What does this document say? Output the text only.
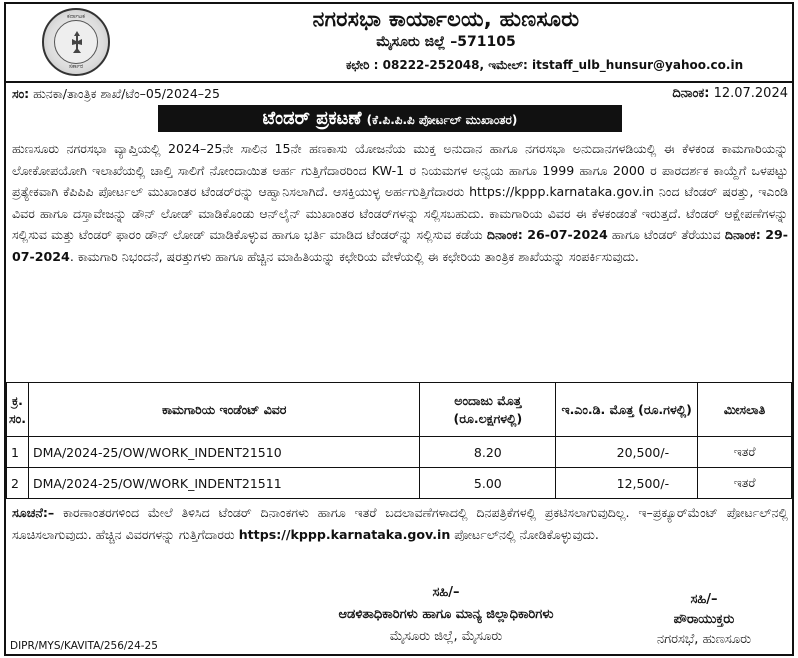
ಕರ್ನಾಟಕ
ಸರ್ಕಾರ
ನಗರಸಭಾ ಕಾರ್ಯಾಲಯ, ಹುಣಸೂರು
ಮೈಸೂರು ಜಿಲ್ಲೆ –571105
ಕಛೇರಿ : 08222-252048, ಇಮೇಲ್: itstaff_ulb_hunsur@yahoo.co.in
ಸಂ: ಹುನಕಾ/ತಾಂತ್ರಿಕ ಶಾಖೆ/ಟೆಂ–05/2024–25	ದಿನಾಂಕ: 12.07.2024
ಟೆಂಡರ್ ಪ್ರಕಟಣೆ (ಕೆ.ಪಿ.ಪಿ.ಪಿ ಪೋರ್ಟಲ್ ಮುಖಾಂತರ)
ಹುಣಸೂರು ನಗರಸಭಾ ವ್ಯಾಪ್ತಿಯಲ್ಲಿ 2024–25ನೇ ಸಾಲಿನ 15ನೇ ಹಣಕಾಸು ಯೋಜನೆಯ ಮುಕ್ತ ಅನುದಾನ ಹಾಗೂ ನಗರಸಭಾ ಅನುದಾನಗಳಡಿಯಲ್ಲಿ ಈ ಕೆಳಕಂಡ ಕಾಮಗಾರಿಯನ್ನು ಲೋಕೋಪಯೋಗಿ ಇಲಾಖೆಯಲ್ಲಿ ಚಾಲ್ತಿ ಸಾಲಿಗೆ ನೋಂದಾಯಿತ ಅರ್ಹ ಗುತ್ತಿಗೆದಾರರಿಂದ KW-1 ರ ನಿಯಮಗಳ ಅನ್ವಯ ಹಾಗೂ 1999 ಹಾಗೂ 2000 ರ ಪಾರದರ್ಶಕ ಕಾಯ್ದೆಗೆ ಒಳಪಟ್ಟು ಪ್ರತ್ಯೇಕವಾಗಿ ಕೆಪಿಪಿಪಿ ಪೋರ್ಟಲ್ ಮುಖಾಂತರ ಟೆಂಡರ್‌ರನ್ನು ಆಹ್ವಾನಿಸಲಾಗಿದೆ. ಆಸಕ್ತಿಯುಳ್ಳ ಅರ್ಹಗುತ್ತಿಗೆದಾರರು https://kppp.karnataka.gov.in ನಿಂದ ಟೆಂಡರ್ ಷರತ್ತು, ಇಎಂಡಿ ವಿವರ ಹಾಗೂ ದಸ್ತಾವೇಜನ್ನು ಡೌನ್ ಲೋಡ್ ಮಾಡಿಕೊಂಡು ಆನ್‌ಲೈನ್ ಮುಖಾಂತರ ಟೆಂಡರ್‌ಗಳನ್ನು ಸಲ್ಲಿಸಬಹುದು. ಕಾಮಗಾರಿಯ ವಿವರ ಈ ಕೆಳಕಂಡಂತೆ ಇರುತ್ತದೆ. ಟೆಂಡರ್ ಆಕ್ಷೇಪಣೆಗಳನ್ನು ಸಲ್ಲಿಸುವ ಮತ್ತು ಟೆಂಡರ್ ಫಾರಂ ಡೌನ್ ಲೋಡ್ ಮಾಡಿಕೊಳ್ಳುವ ಹಾಗೂ ಭರ್ತಿ ಮಾಡಿದ ಟೆಂಡರ್‌ನ್ನು ಸಲ್ಲಿಸುವ ಕಡೆಯ ದಿನಾಂಕ: 26-07-2024 ಹಾಗೂ ಟೆಂಡರ್ ತೆರೆಯುವ ದಿನಾಂಕ: 29-07-2024. ಕಾಮಗಾರಿ ನಿಭಂದನೆ, ಷರತ್ತುಗಳು ಹಾಗೂ ಹೆಚ್ಚಿನ ಮಾಹಿತಿಯನ್ನು ಕಛೇರಿಯ ವೇಳೆಯಲ್ಲಿ ಈ ಕಛೇರಿಯ ತಾಂತ್ರಿಕ ಶಾಖೆಯನ್ನು ಸಂಪರ್ಕಿಸುವುದು.
ಕ್ರ. ಸಂ.	ಕಾಮಗಾರಿಯ ಇಂಡೆಂಟ್ ವಿವರ	ಅಂದಾಜು ಮೊತ್ತ (ರೂ.ಲಕ್ಷಗಳಲ್ಲಿ)	ಇ.ಎಂ.ಡಿ. ಮೊತ್ತ (ರೂ.ಗಳಲ್ಲಿ)	ಮೀಸಲಾತಿ
1	DMA/2024-25/OW/WORK_INDENT21510	8.20	20,500/-	ಇತರೆ
2	DMA/2024-25/OW/WORK_INDENT21511	5.00	12,500/-	ಇತರೆ
ಸೂಚನೆ:– ಕಾರಣಾಂತರಗಳಿಂದ ಮೇಲೆ ತಿಳಿಸಿದ ಟೆಂಡರ್ ದಿನಾಂಕಗಳು ಹಾಗೂ ಇತರೆ ಬದಲಾವಣೆಗಳಾದಲ್ಲಿ ದಿನಪತ್ರಿಕೆಗಳಲ್ಲಿ ಪ್ರಕಟಿಸಲಾಗುವುದಿಲ್ಲ. ಇ–ಪ್ರಕ್ಯೂರ್‌ಮೆಂಟ್ ಪೋರ್ಟಲ್‌ನಲ್ಲಿ ಸೂಚಿಸಲಾಗುವುದು. ಹೆಚ್ಚಿನ ವಿವರಗಳನ್ನು ಗುತ್ತಿಗೆದಾರರು https://kppp.karnataka.gov.in ಪೋರ್ಟಲ್‌ನಲ್ಲಿ ನೋಡಿಕೊಳ್ಳುವುದು.
ಸಹಿ/–
ಆಡಳಿತಾಧಿಕಾರಿಗಳು ಹಾಗೂ ಮಾನ್ಯ ಜಿಲ್ಲಾಧಿಕಾರಿಗಳು
ಮೈಸೂರು ಜಿಲ್ಲೆ, ಮೈಸೂರು
ಸಹಿ/–
ಪೌರಾಯುಕ್ತರು
ನಗರಸಭೆ, ಹುಣಸೂರು
DIPR/MYS/KAVITA/256/24-25
